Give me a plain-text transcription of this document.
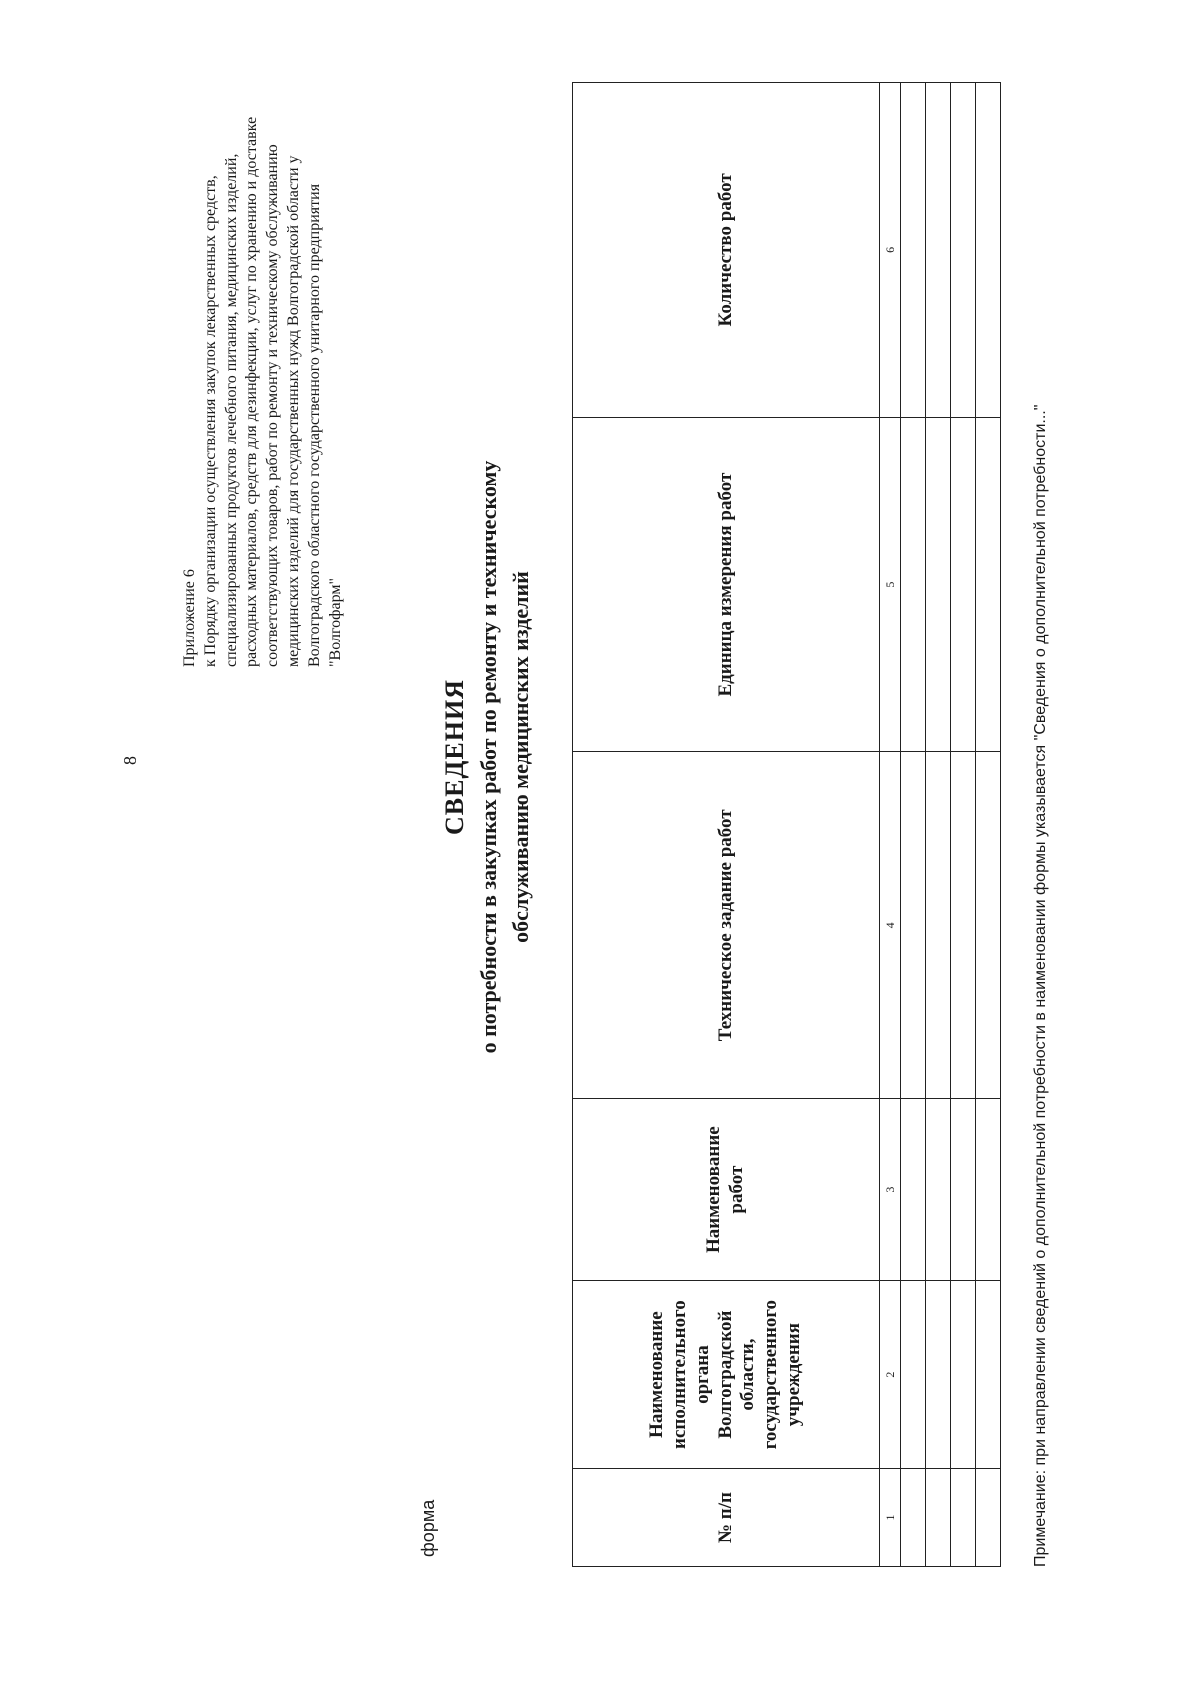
8
Приложение 6 к Порядку организации осуществления закупок лекарственных средств, специализированных продуктов лечебного питания, медицинских изделий, расходных материалов, средств для дезинфекции, услуг по хранению и доставке соответствующих товаров, работ по ремонту и техническому обслуживанию медицинских изделий для государственных нужд Волгоградской области у Волгоградского областного государственного унитарного предприятия "Волгофарм"
форма
СВЕДЕНИЯ о потребности в закупках работ по ремонту и техническому обслуживанию медицинских изделий
№ п/п	Наименование исполнительного органа Волгоградской области, государственного учреждения	Наименование работ	Техническое задание работ	Единица измерения работ	Количество работ
1	2	3	4	5	6

Примечание: при направлении сведений о дополнительной потребности в наименовании формы указывается "Сведения о дополнительной потребности..."
